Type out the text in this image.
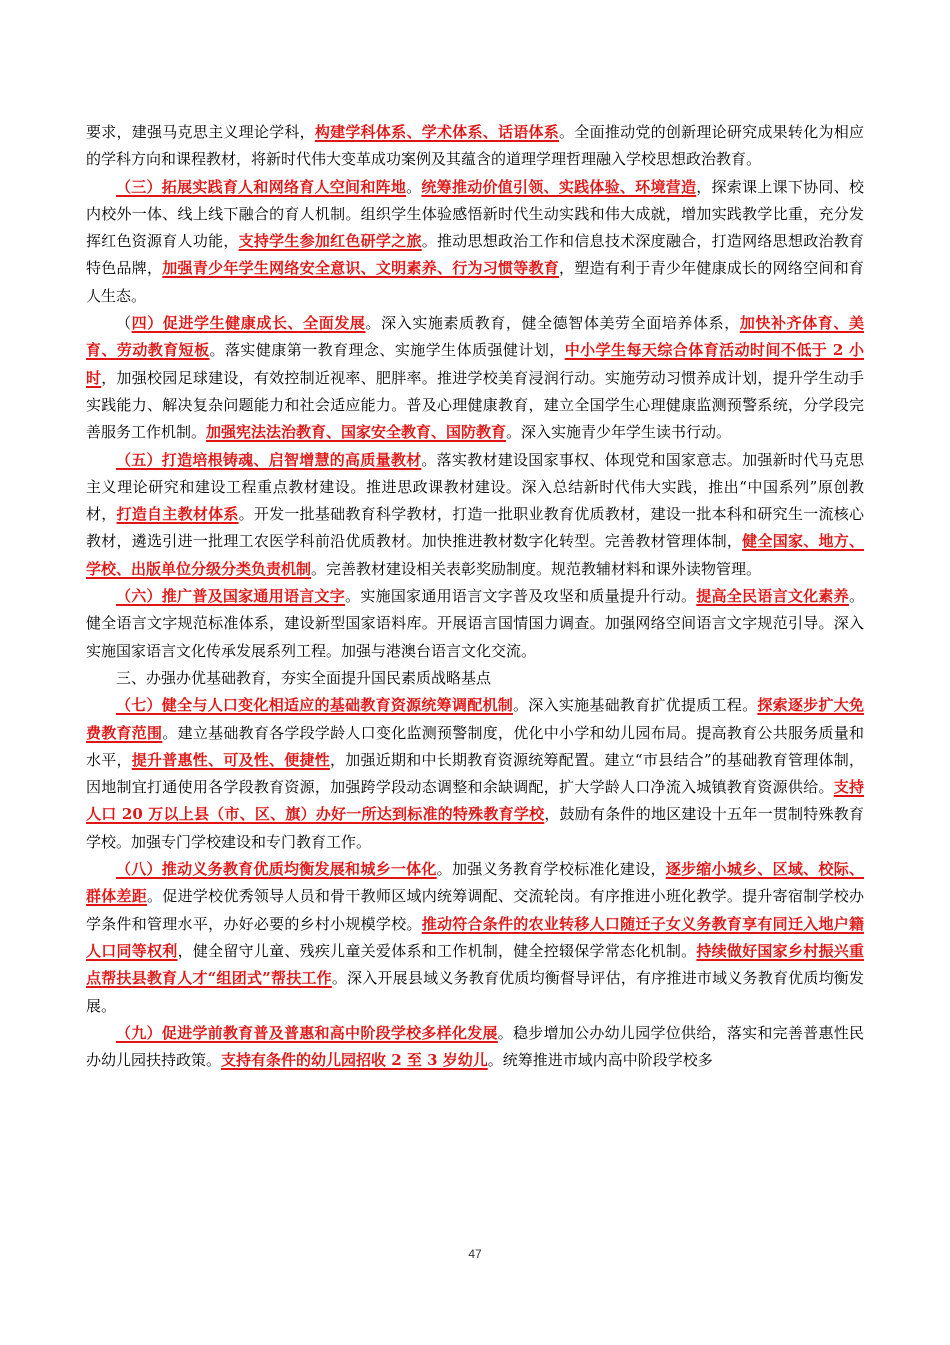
要求，建强马克思主义理论学科，构建学科体系、学术体系、话语体系。全面推动党的创新理论研究成果转化为相应的学科方向和课程教材，将新时代伟大变革成功案例及其蕴含的道理学理哲理融入学校思想政治教育。

（三）拓展实践育人和网络育人空间和阵地。统筹推动价值引领、实践体验、环境营造，探索课上课下协同、校内校外一体、线上线下融合的育人机制。组织学生体验感悟新时代生动实践和伟大成就，增加实践教学比重，充分发挥红色资源育人功能，支持学生参加红色研学之旅。推动思想政治工作和信息技术深度融合，打造网络思想政治教育特色品牌，加强青少年学生网络安全意识、文明素养、行为习惯等教育，塑造有利于青少年健康成长的网络空间和育人生态。

（四）促进学生健康成长、全面发展。深入实施素质教育，健全德智体美劳全面培养体系，加快补齐体育、美育、劳动教育短板。落实健康第一教育理念、实施学生体质强健计划，中小学生每天综合体育活动时间不低于 2 小时，加强校园足球建设，有效控制近视率、肥胖率。推进学校美育浸润行动。实施劳动习惯养成计划，提升学生动手实践能力、解决复杂问题能力和社会适应能力。普及心理健康教育，建立全国学生心理健康监测预警系统，分学段完善服务工作机制。加强宪法法治教育、国家安全教育、国防教育。深入实施青少年学生读书行动。

（五）打造培根铸魂、启智增慧的高质量教材。落实教材建设国家事权、体现党和国家意志。加强新时代马克思主义理论研究和建设工程重点教材建设。推进思政课教材建设。深入总结新时代伟大实践，推出“中国系列”原创教材，打造自主教材体系。开发一批基础教育科学教材，打造一批职业教育优质教材，建设一批本科和研究生一流核心教材，遴选引进一批理工农医学科前沿优质教材。加快推进教材数字化转型。完善教材管理体制，健全国家、地方、学校、出版单位分级分类负责机制。完善教材建设相关表彰奖励制度。规范教辅材料和课外读物管理。

（六）推广普及国家通用语言文字。实施国家通用语言文字普及攻坚和质量提升行动。提高全民语言文化素养。健全语言文字规范标准体系，建设新型国家语料库。开展语言国情国力调查。加强网络空间语言文字规范引导。深入实施国家语言文化传承发展系列工程。加强与港澳台语言文化交流。

三、办强办优基础教育，夯实全面提升国民素质战略基点

（七）健全与人口变化相适应的基础教育资源统筹调配机制。深入实施基础教育扩优提质工程。探索逐步扩大免费教育范围。建立基础教育各学段学龄人口变化监测预警制度，优化中小学和幼儿园布局。提高教育公共服务质量和水平，提升普惠性、可及性、便捷性，加强近期和中长期教育资源统筹配置。建立“市县结合”的基础教育管理体制，因地制宜打通使用各学段教育资源，加强跨学段动态调整和余缺调配，扩大学龄人口净流入城镇教育资源供给。支持人口 20 万以上县（市、区、旗）办好一所达到标准的特殊教育学校，鼓励有条件的地区建设十五年一贯制特殊教育学校。加强专门学校建设和专门教育工作。

（八）推动义务教育优质均衡发展和城乡一体化。加强义务教育学校标准化建设，逐步缩小城乡、区域、校际、群体差距。促进学校优秀领导人员和骨干教师区域内统筹调配、交流轮岗。有序推进小班化教学。提升寄宿制学校办学条件和管理水平，办好必要的乡村小规模学校。推动符合条件的农业转移人口随迁子女义务教育享有同迁入地户籍人口同等权利，健全留守儿童、残疾儿童关爱体系和工作机制，健全控辍保学常态化机制。持续做好国家乡村振兴重点帮扶县教育人才“组团式”帮扶工作。深入开展县域义务教育优质均衡督导评估，有序推进市域义务教育优质均衡发展。

（九）促进学前教育普及普惠和高中阶段学校多样化发展。稳步增加公办幼儿园学位供给，落实和完善普惠性民办幼儿园扶持政策。支持有条件的幼儿园招收 2 至 3 岁幼儿。统筹推进市域内高中阶段学校多

47
